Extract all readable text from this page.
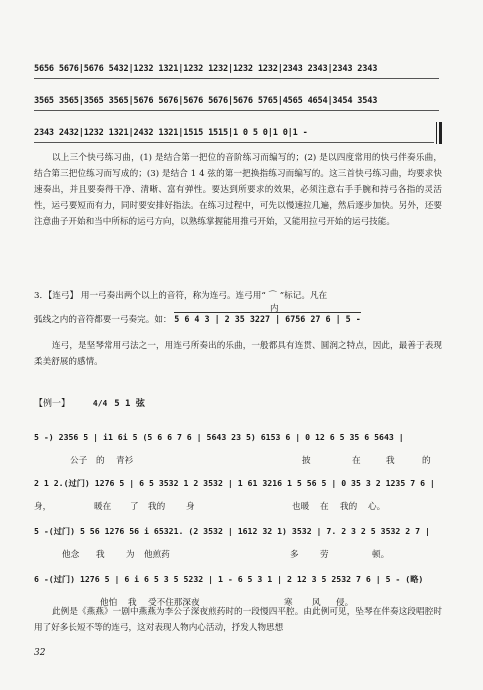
5656 5676|5676 5432|1232 1321|1232 1232|1232 1232|2343 2343|2343 2343
3565 3565|3565 3565|5676 5676|5676 5676|5676 5765|4565 4654|3454 3543
2343 2432|1232 1321|2432 1321|1515 1515|1 0 5 0|1 0|1 -
以上三个快弓练习曲，(1) 是结合第一把位的音阶练习而编写的；(2) 是以四度常用的快弓伴奏乐曲，结合第三把位练习而写成的；(3) 是结合 1 4 弦的第一把换指练习而编写的。这三首快弓练习曲，均要求快速奏出，并且要奏得干净、清晰、富有弹性。要达到所要求的效果，必须注意右手手腕和持弓各指的灵活性，运弓要短而有力，同时要安排好指法。在练习过程中，可先以慢速拉几遍，然后逐步加快。另外，还要注意曲子开始和当中所标的运弓方向，以熟练掌握能用推弓开始，又能用拉弓开始的运弓技能。
3．【连弓】 用一弓奏出两个以上的音符，称为连弓。连弓用“ ⌒ ”标记。凡在
内
弧线之内的音符都要一弓奏完。如： 5 6 4 3 | 2 35 3227 | 6756 27 6 | 5 -
连弓，是坚琴常用弓法之一，用连弓所奏出的乐曲，一般都具有连贯、圆润之特点，因此，最善于表现柔美舒展的感情。
【例一】	4/4 5 1 弦
5 -) 2356 5 | i1 6i 5 (5 6 6 7 6 | 5643 23 5) 6153 6 | 0 12 6 5 35 6 5643 |
公子 的 青衫	披	在	我	的
2 1 2.(过门) 1276 5 | 6 5 3532 1 2 3532 | 1 61 3216 1 5 56 5 | 0 35 3 2 1235 7 6 |
身，	暖在 了 我的 身	也暖 在 我的 心。
5 -(过门) 5 56 1276 56 i 65321. (2 3532 | 1612 32 1) 3532 | 7. 2 3 2 5 3532 2 7 |
他念 我 为 他煎药	多 劳	顿。
6 -(过门) 1276 5 | 6 i 6 5 3 5 5232 | 1 - 6 5 3 1 | 2 12 3 5 2532 7 6 | 5 - (略)
他怕 我 受不住那深夜	寒 风 侵。
此例是《燕燕》一剧中燕燕为李公子深夜煎药时的一段慢四平腔。由此例可见，坠琴在伴奏这段唱腔时用了好多长短不等的连弓，这对表现人物内心活动，抒发人物思想
32
